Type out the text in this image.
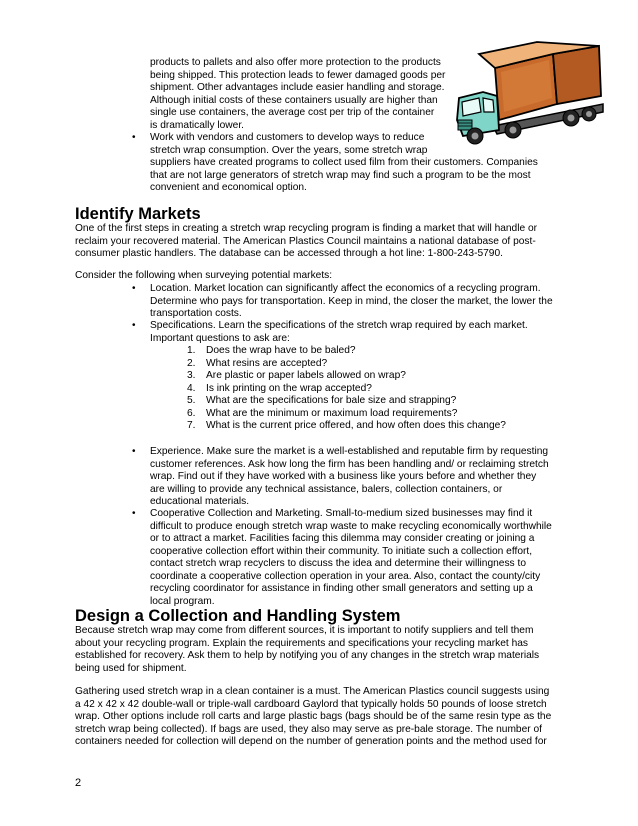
products to pallets and also offer more protection to the products

being shipped. This protection leads to fewer damaged goods per

shipment. Other advantages include easier handling and storage.

Although initial costs of these containers usually are higher than

single use containers, the average cost per trip of the container

is dramatically lower.

• Work with vendors and customers to develop ways to reduce

stretch wrap consumption. Over the years, some stretch wrap

suppliers have created programs to collect used film from their customers. Companies

that are not large generators of stretch wrap may find such a program to be the most

convenient and economical option.

Identify Markets

One of the first steps in creating a stretch wrap recycling program is finding a market that will handle or

reclaim your recovered material. The American Plastics Council maintains a national database of post-

consumer plastic handlers. The database can be accessed through a hot line: 1-800-243-5790.

Consider the following when surveying potential markets:

• Location. Market location can significantly affect the economics of a recycling program.

Determine who pays for transportation. Keep in mind, the closer the market, the lower the

transportation costs.

• Specifications. Learn the specifications of the stretch wrap required by each market.

Important questions to ask are:

1.	Does the wrap have to be baled?
2.	What resins are accepted?
3.	Are plastic or paper labels allowed on wrap?
4.	Is ink printing on the wrap accepted?
5.	What are the specifications for bale size and strapping?
6.	What are the minimum or maximum load requirements?
7.	What is the current price offered, and how often does this change?
• Experience. Make sure the market is a well-established and reputable firm by requesting

customer references. Ask how long the firm has been handling and/ or reclaiming stretch

wrap. Find out if they have worked with a business like yours before and whether they

are willing to provide any technical assistance, balers, collection containers, or

educational materials.

• Cooperative Collection and Marketing. Small-to-medium sized businesses may find it

difficult to produce enough stretch wrap waste to make recycling economically worthwhile

or to attract a market. Facilities facing this dilemma may consider creating or joining a

cooperative collection effort within their community. To initiate such a collection effort,

contact stretch wrap recyclers to discuss the idea and determine their willingness to

coordinate a cooperative collection operation in your area. Also, contact the county/city

recycling coordinator for assistance in finding other small generators and setting up a

local program.

Design a Collection and Handling System

Because stretch wrap may come from different sources, it is important to notify suppliers and tell them

about your recycling program. Explain the requirements and specifications your recycling market has

established for recovery. Ask them to help by notifying you of any changes in the stretch wrap materials

being used for shipment.

Gathering used stretch wrap in a clean container is a must. The American Plastics council suggests using

a 42 x 42 x 42 double-wall or triple-wall cardboard Gaylord that typically holds 50 pounds of loose stretch

wrap. Other options include roll carts and large plastic bags (bags should be of the same resin type as the

stretch wrap being collected). If bags are used, they also may serve as pre-bale storage. The number of

containers needed for collection will depend on the number of generation points and the method used for

2
